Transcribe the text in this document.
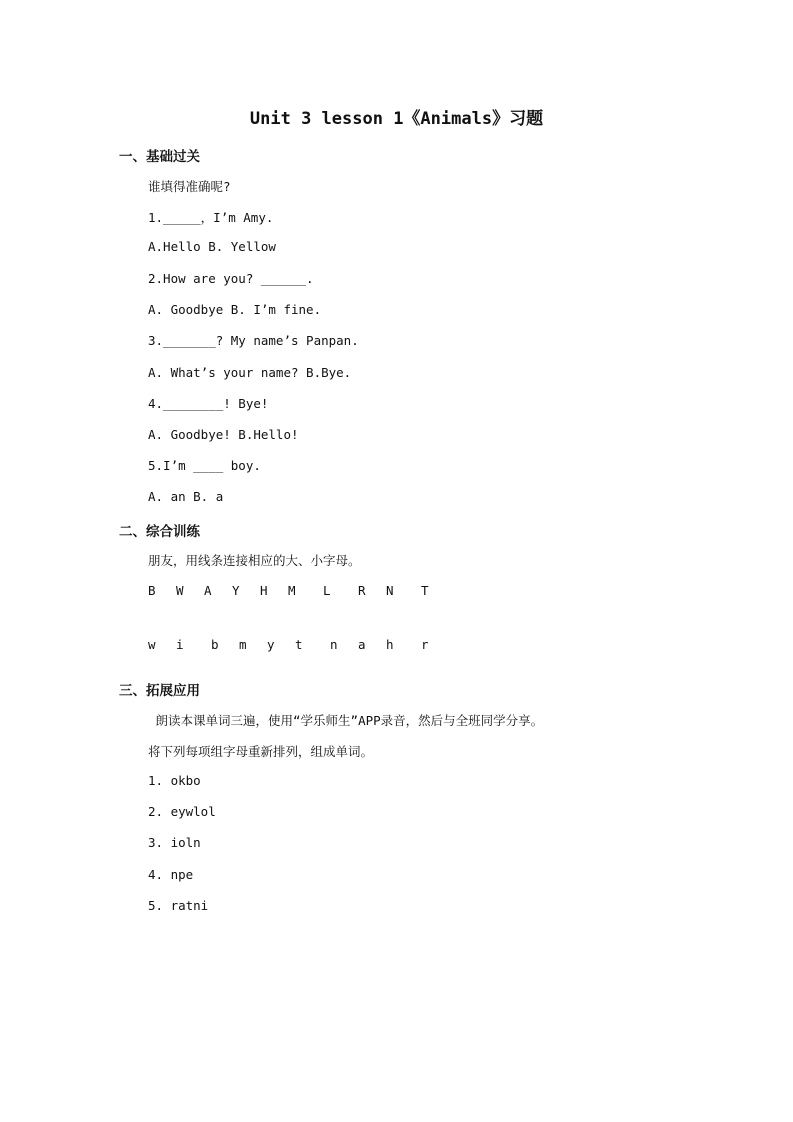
Unit 3 lesson 1《Animals》习题
一、基础过关
谁填得准确呢?
1._____，I’m Amy.
A.Hello B. Yellow
2.How are you? ______.
A. Goodbye B. I’m fine.
3._______? My name’s Panpan.
A. What’s your name? B.Bye.
4.________! Bye!
A. Goodbye! B.Hello!
5.I’m ____ boy.
A. an B. a
二、综合训练
朋友，用线条连接相应的大、小字母。
B W A Y H M L R N T
w i b m y t n a h r
三、拓展应用
朗读本课单词三遍，使用“学乐师生”APP录音，然后与全班同学分享。
将下列每项组字母重新排列，组成单词。
1. okbo
2. eywlol
3. ioln
4. npe
5. ratni
